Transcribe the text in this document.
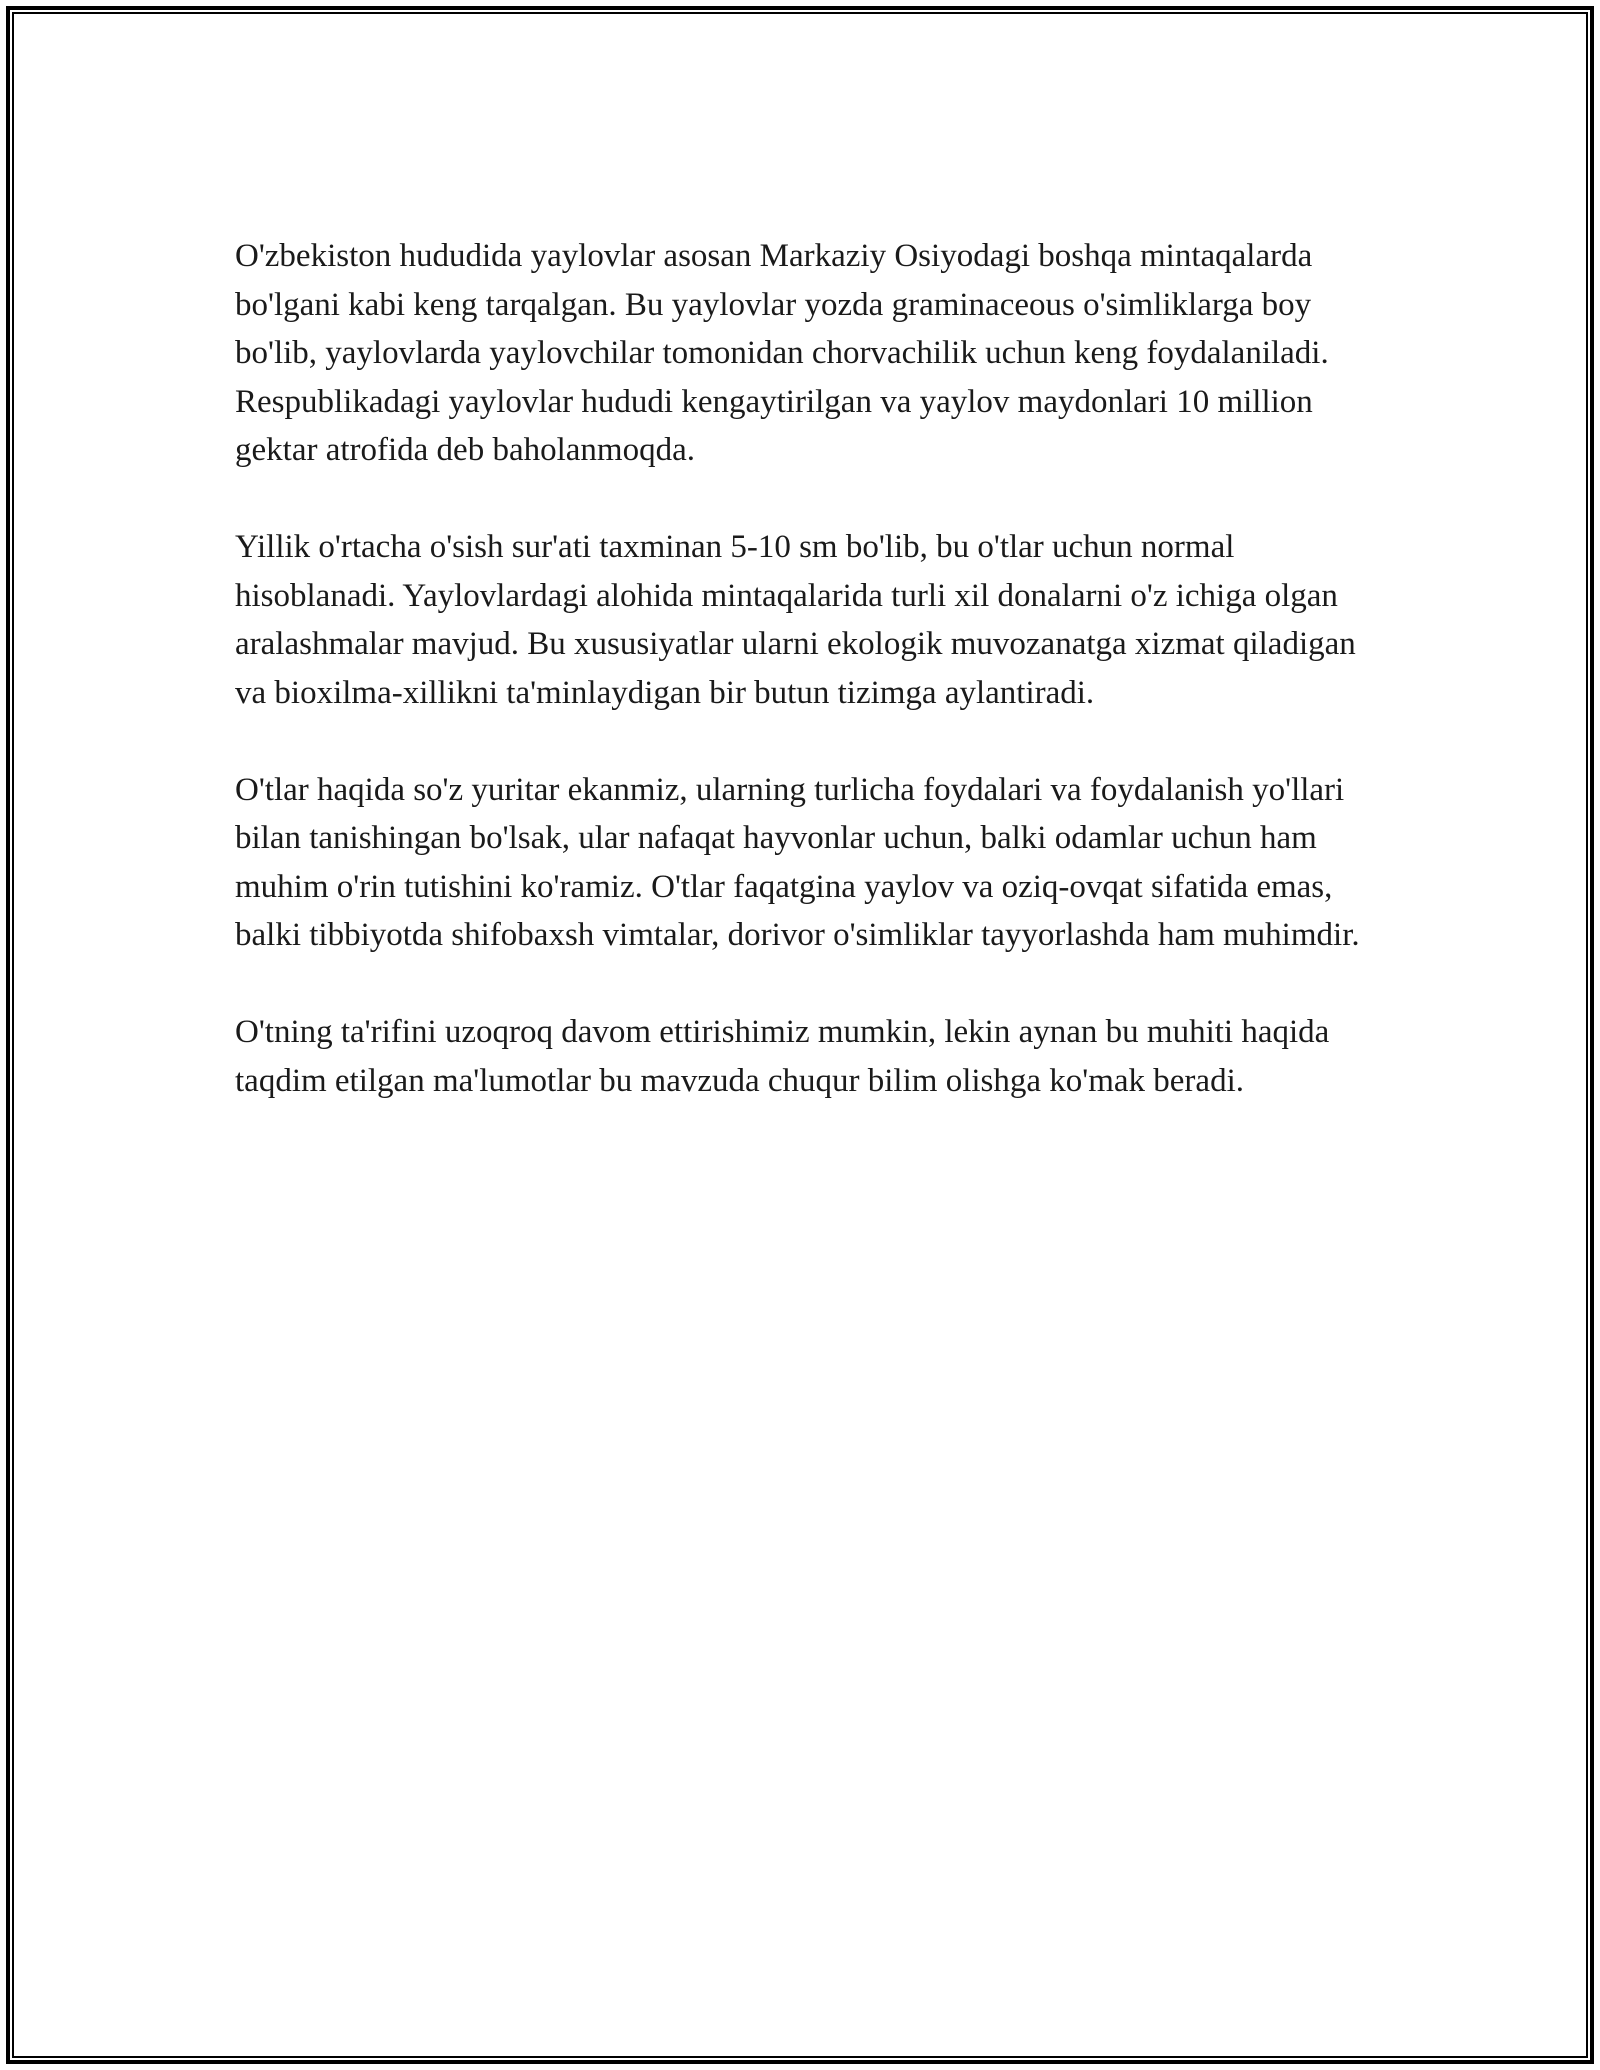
O'zbekiston hududida yaylovlar asosan Markaziy Osiyodagi boshqa mintaqalarda bo'lgani kabi keng tarqalgan. Bu yaylovlar yozda graminaceous o'simliklarga boy bo'lib, yaylovlarda yaylovchilar tomonidan chorvachilik uchun keng foydalaniladi. Respublikadagi yaylovlar hududi kengaytirilgan va yaylov maydonlari 10 million gektar atrofida deb baholanmoqda.

Yillik o'rtacha o'sish sur'ati taxminan 5-10 sm bo'lib, bu o'tlar uchun normal hisoblanadi. Yaylovlardagi alohida mintaqalarida turli xil donalarni o'z ichiga olgan aralashmalar mavjud. Bu xususiyatlar ularni ekologik muvozanatga xizmat qiladigan va bioxilma-xillikni ta'minlaydigan bir butun tizimga aylantiradi.

O'tlar haqida so'z yuritar ekanmiz, ularning turlicha foydalari va foydalanish yo'llari bilan tanishingan bo'lsak, ular nafaqat hayvonlar uchun, balki odamlar uchun ham muhim o'rin tutishini ko'ramiz. O'tlar faqatgina yaylov va oziq-ovqat sifatida emas, balki tibbiyotda shifobaxsh vimtalar, dorivor o'simliklar tayyorlashda ham muhimdir.

O'tning ta'rifini uzoqroq davom ettirishimiz mumkin, lekin aynan bu muhiti haqida taqdim etilgan ma'lumotlar bu mavzuda chuqur bilim olishga ko'mak beradi.
